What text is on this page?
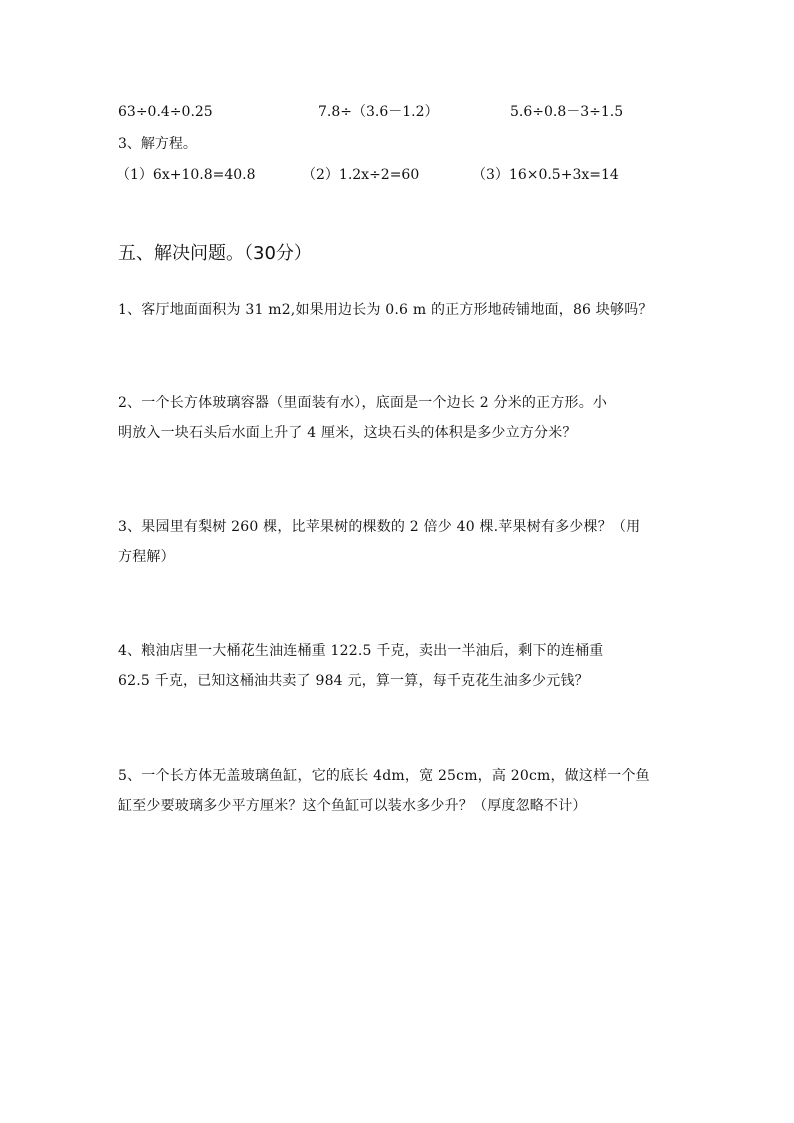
63÷0.4÷0.25	7.8÷（3.6－1.2）	5.6÷0.8－3÷1.5
3、解方程。
（1）6x+10.8=40.8	（2）1.2x÷2=60	（3）16×0.5+3x=14
五、解决问题。（30分）
1、客厅地面面积为 31 m2,如果用边长为 0.6 m 的正方形地砖铺地面，86 块够吗？
2、一个长方体玻璃容器（里面装有水），底面是一个边长 2 分米的正方形。小
明放入一块石头后水面上升了 4 厘米，这块石头的体积是多少立方分米？
3、果园里有梨树 260 棵，比苹果树的棵数的 2 倍少 40 棵.苹果树有多少棵？（用
方程解）
4、粮油店里一大桶花生油连桶重 122.5 千克，卖出一半油后，剩下的连桶重
62.5 千克，已知这桶油共卖了 984 元，算一算，每千克花生油多少元钱？
5、一个长方体无盖玻璃鱼缸，它的底长 4dm，宽 25cm，高 20cm，做这样一个鱼
缸至少要玻璃多少平方厘米？这个鱼缸可以装水多少升？（厚度忽略不计）
